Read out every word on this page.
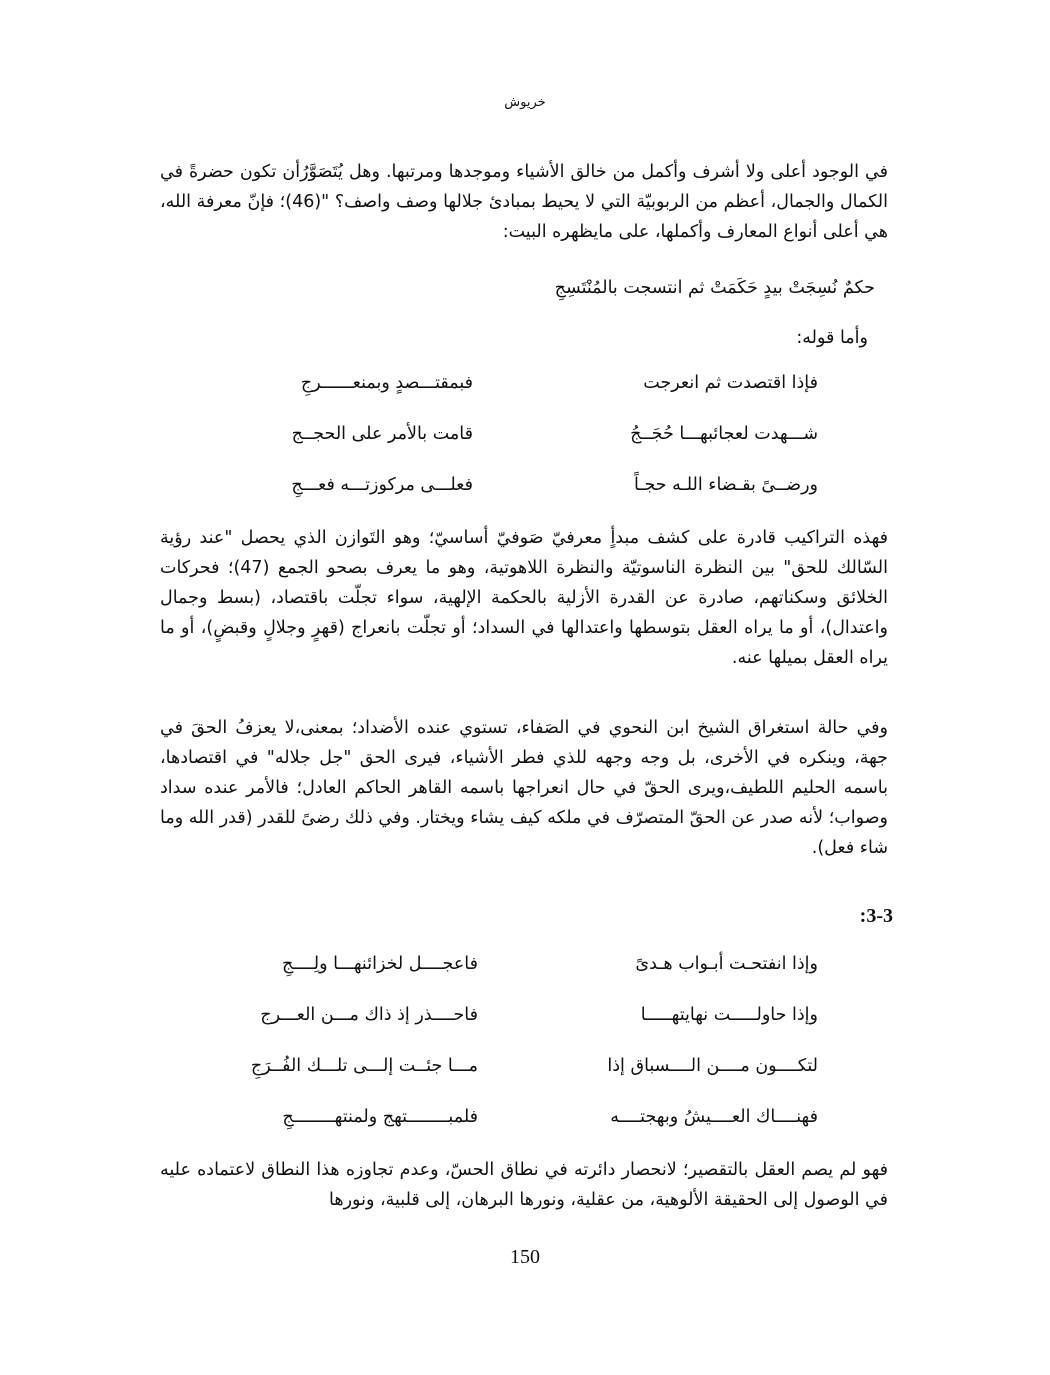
خريوش

في الوجود أعلى ولا أشرف وأكمل من خالق الأشياء وموجدها ومرتبها. وهل يُتَصَوَّرُأن تكون حضرةً في الكمال والجمال، أعظم من الربوبيّة التي لا يحيط بمبادئ جلالها وصف واصف؟ "(46)؛ فإنّ معرفة الله، هي أعلى أنواع المعارف وأكملها، على مايظهره البيت:

حكمٌ نُسِجَتْ بيدٍ حَكَمَتْ ثم انتسجت بالمُنْتَسِجِ

وأما قوله:

فإذا اقتصدت ثم انعرجت
فبمقتـــصدٍ وبمنعــــــرجِ
شـــهدت لعجائبهـــا حُجَــجُ
قامت بالأمر على الحجــج
ورضــىً بقـضاء اللـه حجـاً
فعلـــى مركوزتـــه فعـــجِ

فهذه التراكيب قادرة على كشف مبدأٍ معرفيّ صَوفيّ أساسيّ؛ وهو التَوازن الذي يحصل "عند رؤية السّالك للحق" بين النظرة الناسوتيّة والنظرة اللاهوتية، وهو ما يعرف بصحو الجمع (47)؛ فحركات الخلائق وسكناتهم، صادرة عن القدرة الأزلية بالحكمة الإلهية، سواء تجلّت باقتصاد، (بسط وجمال واعتدال)، أو ما يراه العقل بتوسطها واعتدالها في السداد؛ أو تجلّت بانعراج (قهرٍ وجلالٍ وقبضٍ)، أو ما يراه العقل بميلها عنه.

وفي حالة استغراق الشيخ ابن النحوي في الصَفاء، تستوي عنده الأضداد؛ بمعنى،لا يعزفُ الحقَ في جهة، وينكره في الأخرى، بل وجه وجهه للذي فطر الأشياء، فيرى الحق "جل جلاله" في اقتصادها، باسمه الحليم اللطيف،ويرى الحقّ في حال انعراجها باسمه القاهر الحاكم العادل؛ فالأمر عنده سداد وصواب؛ لأنه صدر عن الحقّ المتصرّف في ملكه كيف يشاء ويختار. وفي ذلك رضىً للقدر (قدر الله وما شاء فعل).

:3-3
وإذا انفتحـت أبـواب هـدىً
فاعجــــل لخزائنهـــا ولِــــجِ
وإذا حاولـــــت نهايتهـــــا
فاحــــذر إذ ذاك مـــن العـــرج
لتكــــون مــــن الــــسباق إذا
مـــا جئــت إلـــى تلـــك الفُــرَجِ
فهنــــاك العــــيشُ وبهجتــــه
فلمبــــــــتهج ولمنتهــــــــجِ

فهو لم يصم العقل بالتقصير؛ لانحصار دائرته في نطاق الحسّ، وعدم تجاوزه هذا النطاق لاعتماده عليه في الوصول إلى الحقيقة الألوهية، من عقلية، ونورها البرهان، إلى قلبية، ونورها

150
